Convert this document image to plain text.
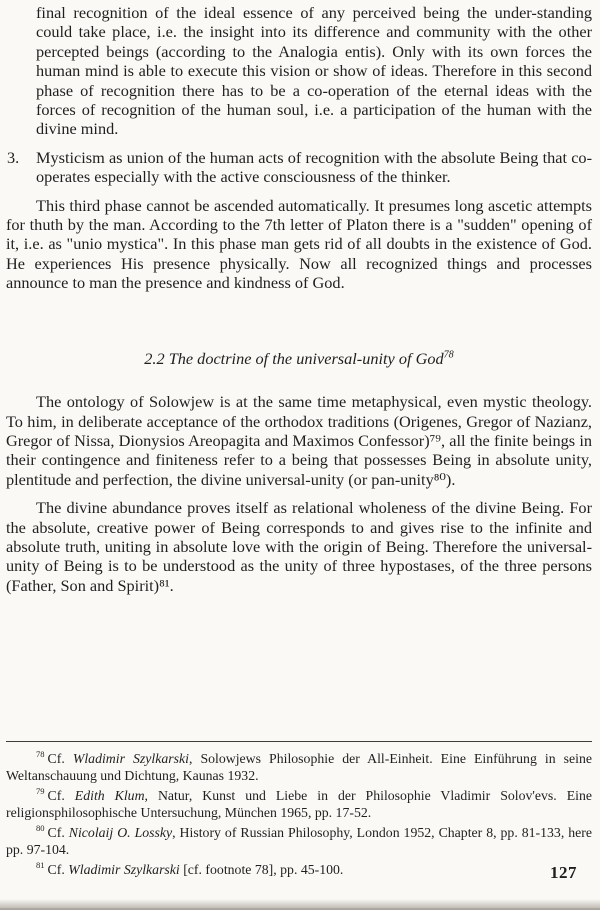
final recognition of the ideal essence of any perceived being the under-standing could take place, i.e. the insight into its difference and community with the other percepted beings (according to the Analogia entis). Only with its own forces the human mind is able to execute this vision or show of ideas. Therefore in this second phase of recognition there has to be a co-operation of the eternal ideas with the forces of recognition of the human soul, i.e. a participation of the human with the divine mind.

3. Mysticism as union of the human acts of recognition with the absolute Being that co-operates especially with the active consciousness of the thinker.

This third phase cannot be ascended automatically. It presumes long ascetic attempts for thuth by the man. According to the 7th letter of Platon there is a "sudden" opening of it, i.e. as "unio mystica". In this phase man gets rid of all doubts in the existence of God. He experiences His presence physically. Now all recognized things and processes announce to man the presence and kindness of God.

2.2 The doctrine of the universal-unity of God$^{78}$

The ontology of Solowjew is at the same time metaphysical, even mystic theology. To him, in deliberate acceptance of the orthodox traditions (Origenes, Gregor of Nazianz, Gregor of Nissa, Dionysios Areopagita and Maximos Confessor)⁷⁹, all the finite beings in their contingence and finiteness refer to a being that possesses Being in absolute unity, plentitude and perfection, the divine universal-unity (or pan-unity⁸⁰).

The divine abundance proves itself as relational wholeness of the divine Being. For the absolute, creative power of Being corresponds to and gives rise to the infinite and absolute truth, uniting in absolute love with the origin of Being. Therefore the universal-unity of Being is to be understood as the unity of three hypostases, of the three persons (Father, Son and Spirit)⁸¹.

$^{78}$ Cf. Wladimir Szylkarski, Solowjews Philosophie der All-Einheit. Eine Einführung in seine Weltanschauung und Dichtung, Kaunas 1932.

$^{79}$ Cf. Edith Klum, Natur, Kunst und Liebe in der Philosophie Vladimir Solov'evs. Eine religionsphilosophische Untersuchung, München 1965, pp. 17-52.

$^{80}$ Cf. Nicolaij O. Lossky, History of Russian Philosophy, London 1952, Chapter 8, pp. 81-133, here pp. 97-104.

$^{81}$ Cf. Wladimir Szylkarski [cf. footnote 78], pp. 45-100.	127
